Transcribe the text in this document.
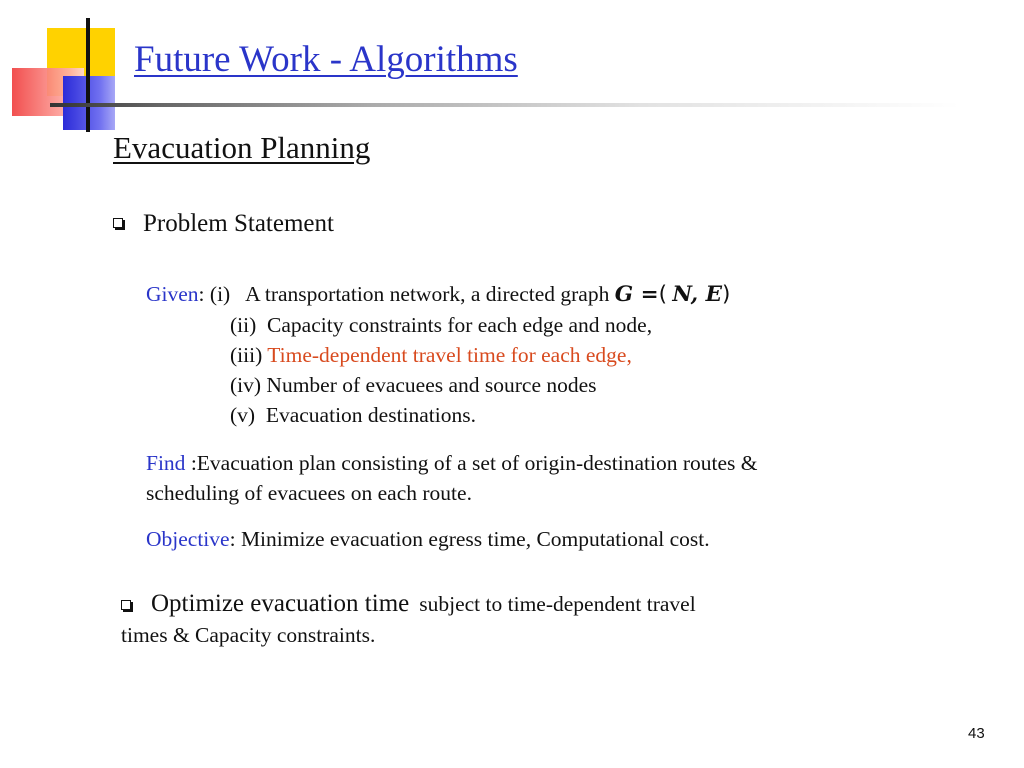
Future Work - Algorithms
Evacuation Planning
Problem Statement
Given: (i) A transportation network, a directed graph G =( N, E)
(ii) Capacity constraints for each edge and node,
(iii) Time-dependent travel time for each edge,
(iv) Number of evacuees and source nodes
(v) Evacuation destinations.
Find :Evacuation plan consisting of a set of origin-destination routes &
scheduling of evacuees on each route.
Objective: Minimize evacuation egress time, Computational cost.
Optimize evacuation time subject to time-dependent travel
times & Capacity constraints.
43
